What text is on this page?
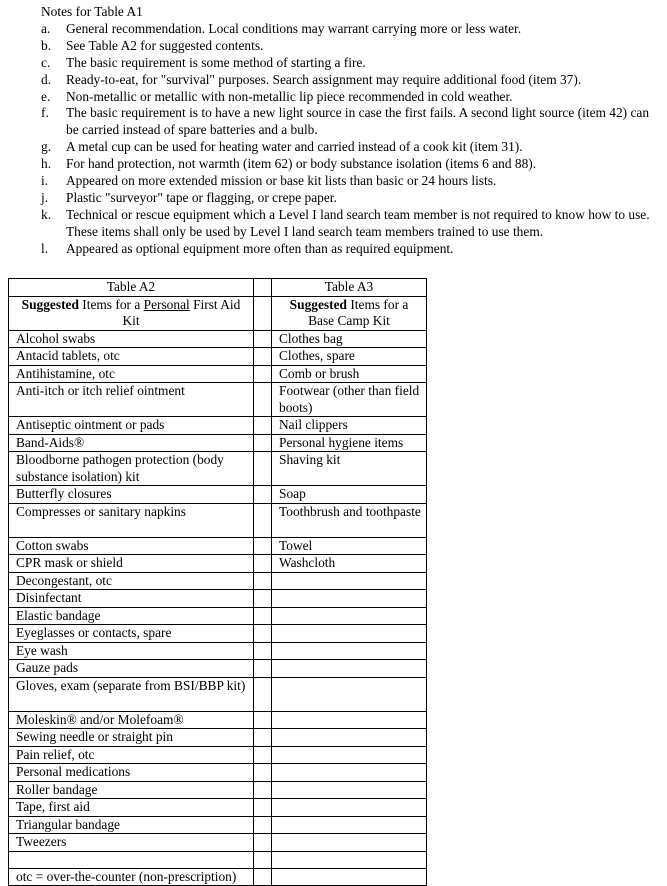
Notes for Table A1

a.	General recommendation. Local conditions may warrant carrying more or less water.
b.	See Table A2 for suggested contents.
c.	The basic requirement is some method of starting a fire.
d.	Ready-to-eat, for "survival" purposes. Search assignment may require additional food (item 37).
e.	Non-metallic or metallic with non-metallic lip piece recommended in cold weather.
f.	The basic requirement is to have a new light source in case the first fails. A second light source (item 42) can be carried instead of spare batteries and a bulb.
g.	A metal cup can be used for heating water and carried instead of a cook kit (item 31).
h.	For hand protection, not warmth (item 62) or body substance isolation (items 6 and 88).
i.	Appeared on more extended mission or base kit lists than basic or 24 hours lists.
j.	Plastic "surveyor" tape or flagging, or crepe paper.
k.	Technical or rescue equipment which a Level I land search team member is not required to know how to use. These items shall only be used by Level I land search team members trained to use them.
l.	Appeared as optional equipment more often than as required equipment.
Table A2		Table A3
Suggested Items for a Personal First Aid Kit		Suggested Items for a Base Camp Kit
Alcohol swabs		Clothes bag
Antacid tablets, otc		Clothes, spare
Antihistamine, otc		Comb or brush
Anti-itch or itch relief ointment		Footwear (other than field boots)
Antiseptic ointment or pads		Nail clippers
Band-Aids®		Personal hygiene items
Bloodborne pathogen protection (body substance isolation) kit		Shaving kit
Butterfly closures		Soap
Compresses or sanitary napkins		Toothbrush and toothpaste
Cotton swabs		Towel
CPR mask or shield		Washcloth
Decongestant, otc		
Disinfectant		
Elastic bandage		
Eyeglasses or contacts, spare		
Eye wash		
Gauze pads		
Gloves, exam (separate from BSI/BBP kit)		
Moleskin® and/or Molefoam®		
Sewing needle or straight pin		
Pain relief, otc		
Personal medications		
Roller bandage		
Tape, first aid		
Triangular bandage		
Tweezers		

otc = over-the-counter (non-prescription)		
